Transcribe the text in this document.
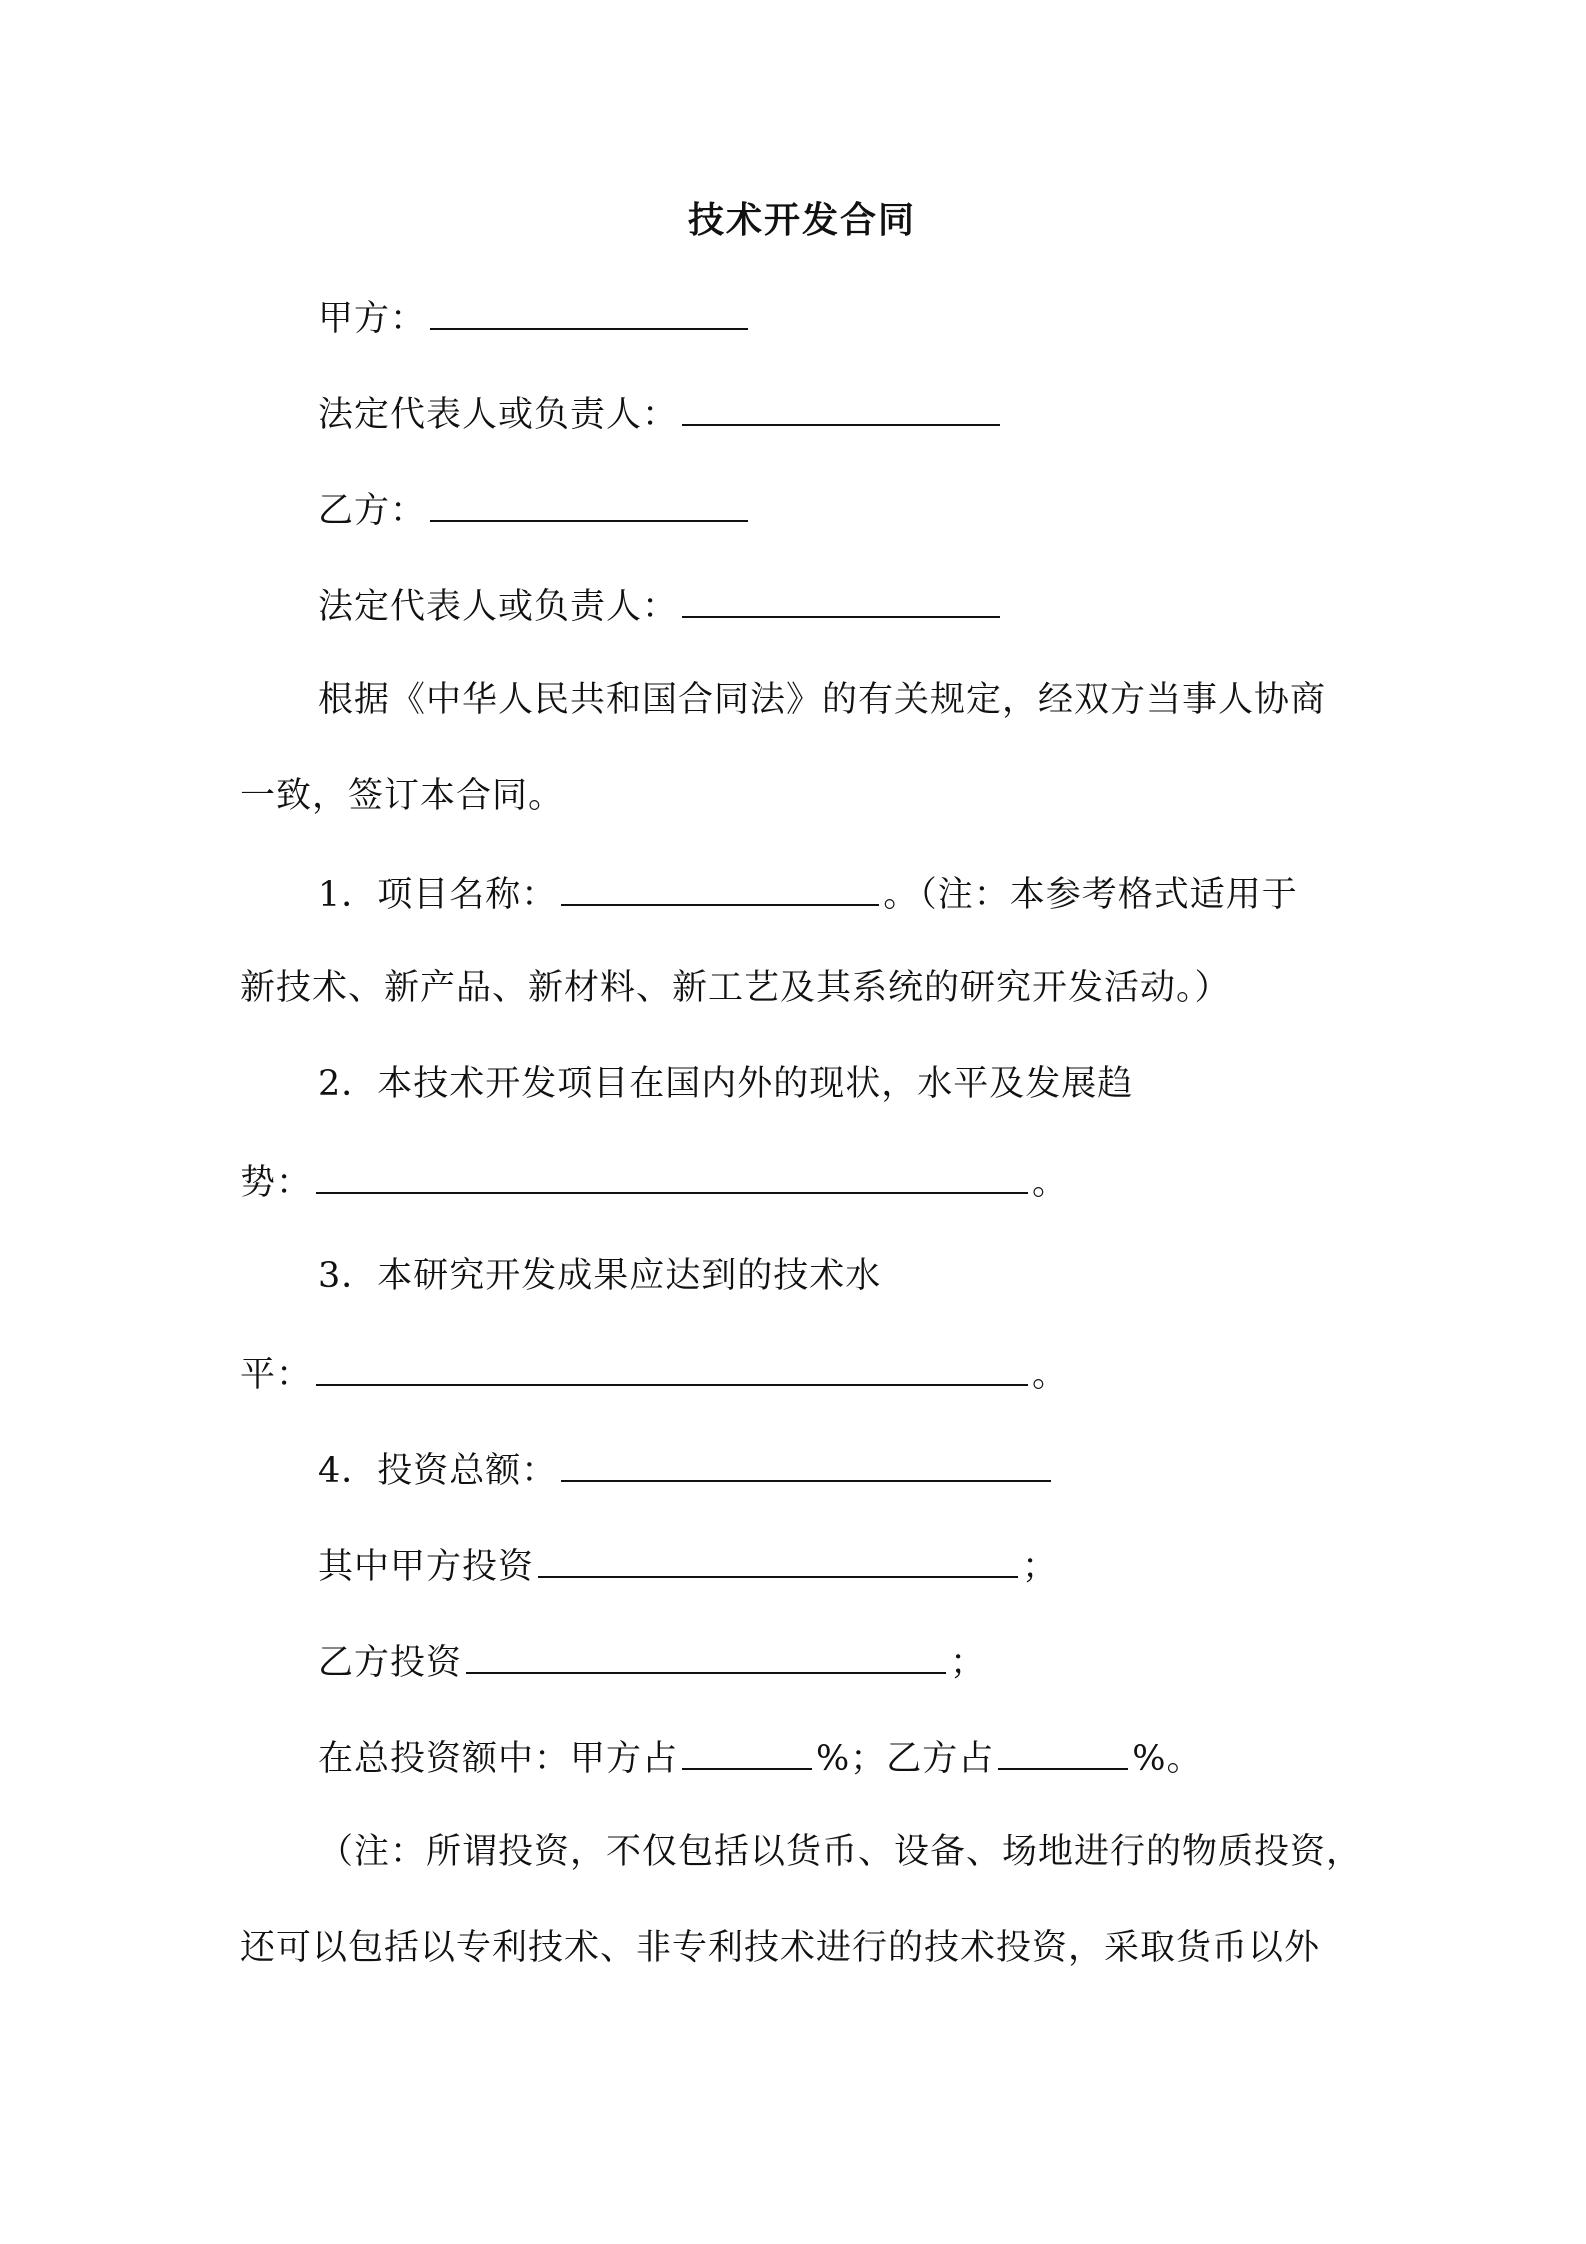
技术开发合同
甲方：
法定代表人或负责人：
乙方：
法定代表人或负责人：
根据《中华人民共和国合同法》的有关规定，经双方当事人协商
一致，签订本合同。
1．项目名称：	。（注：本参考格式适用于
新技术、新产品、新材料、新工艺及其系统的研究开发活动。）
2．本技术开发项目在国内外的现状，水平及发展趋
势：	。
3．本研究开发成果应达到的技术水
平：	。
4．投资总额：
其中甲方投资	；
乙方投资	；
在总投资额中：甲方占	%；乙方占	%。
（注：所谓投资，不仅包括以货币、设备、场地进行的物质投资，
还可以包括以专利技术、非专利技术进行的技术投资，采取货币以外
